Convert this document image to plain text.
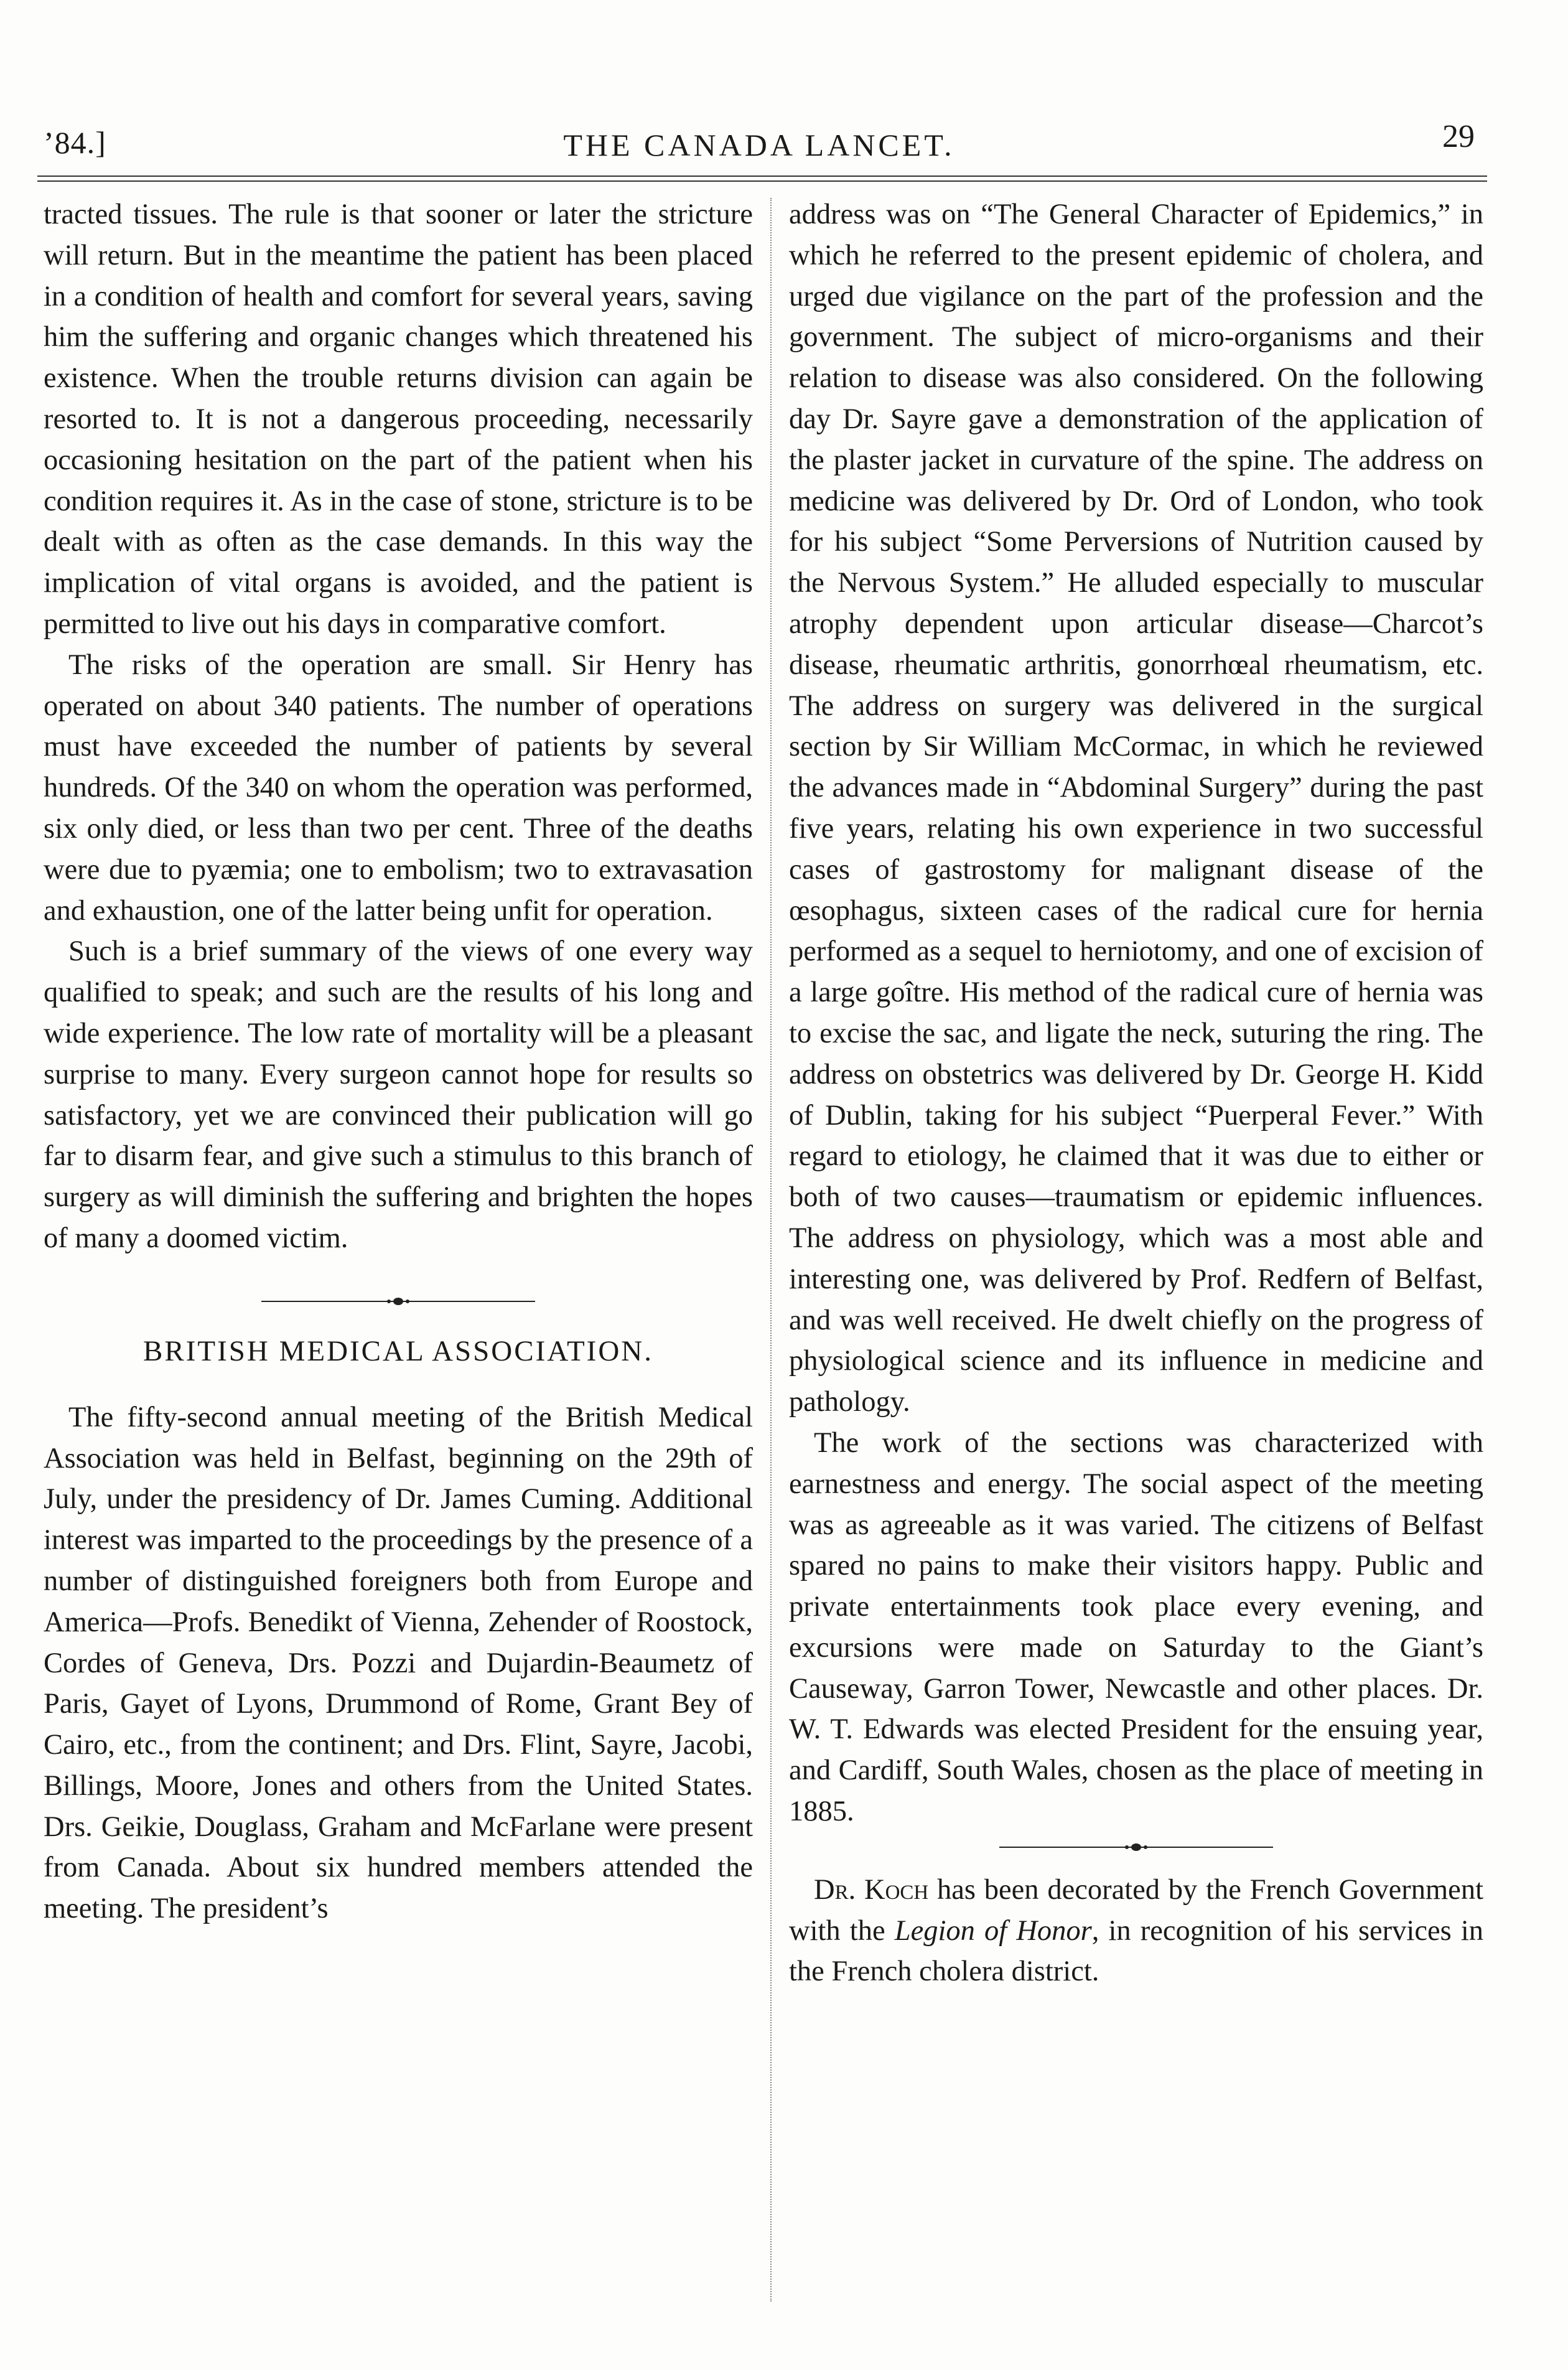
’84.]	THE CANADA LANCET.	29

tracted tissues. The rule is that sooner or later the stricture will return. But in the meantime the patient has been placed in a condition of health and comfort for several years, saving him the suffering and organic changes which threatened his existence. When the trouble returns division can again be resorted to. It is not a dangerous proceeding, necessarily occasioning hesitation on the part of the patient when his condition requires it. As in the case of stone, stricture is to be dealt with as often as the case demands. In this way the implication of vital organs is avoided, and the patient is permitted to live out his days in comparative comfort.

The risks of the operation are small. Sir Henry has operated on about 340 patients. The number of operations must have exceeded the number of patients by several hundreds. Of the 340 on whom the operation was performed, six only died, or less than two per cent. Three of the deaths were due to pyæmia; one to embolism; two to extravasation and exhaustion, one of the latter being unfit for operation.

Such is a brief summary of the views of one every way qualified to speak; and such are the results of his long and wide experience. The low rate of mortality will be a pleasant surprise to many. Every surgeon cannot hope for results so satisfactory, yet we are convinced their publication will go far to disarm fear, and give such a stimulus to this branch of surgery as will diminish the suffering and brighten the hopes of many a doomed victim.

BRITISH MEDICAL ASSOCIATION.

The fifty-second annual meeting of the British Medical Association was held in Belfast, beginning on the 29th of July, under the presidency of Dr. James Cuming. Additional interest was imparted to the proceedings by the presence of a number of distinguished foreigners both from Europe and America—Profs. Benedikt of Vienna, Zehender of Roostock, Cordes of Geneva, Drs. Pozzi and Dujardin-Beaumetz of Paris, Gayet of Lyons, Drummond of Rome, Grant Bey of Cairo, etc., from the continent; and Drs. Flint, Sayre, Jacobi, Billings, Moore, Jones and others from the United States. Drs. Geikie, Douglass, Graham and McFarlane were present from Canada. About six hundred members attended the meeting. The president’s

address was on “The General Character of Epidemics,” in which he referred to the present epidemic of cholera, and urged due vigilance on the part of the profession and the government. The subject of micro-organisms and their relation to disease was also considered. On the following day Dr. Sayre gave a demonstration of the application of the plaster jacket in curvature of the spine. The address on medicine was delivered by Dr. Ord of London, who took for his subject “Some Perversions of Nutrition caused by the Nervous System.” He alluded especially to muscular atrophy dependent upon articular disease—Charcot’s disease, rheumatic arthritis, gonorrhœal rheumatism, etc. The address on surgery was delivered in the surgical section by Sir William McCormac, in which he reviewed the advances made in “Abdominal Surgery” during the past five years, relating his own experience in two successful cases of gastrostomy for malignant disease of the œsophagus, sixteen cases of the radical cure for hernia performed as a sequel to herniotomy, and one of excision of a large goître. His method of the radical cure of hernia was to excise the sac, and ligate the neck, suturing the ring. The address on obstetrics was delivered by Dr. George H. Kidd of Dublin, taking for his subject “Puerperal Fever.” With regard to etiology, he claimed that it was due to either or both of two causes—traumatism or epidemic influences. The address on physiology, which was a most able and interesting one, was delivered by Prof. Redfern of Belfast, and was well received. He dwelt chiefly on the progress of physiological science and its influence in medicine and pathology.

The work of the sections was characterized with earnestness and energy. The social aspect of the meeting was as agreeable as it was varied. The citizens of Belfast spared no pains to make their visitors happy. Public and private entertainments took place every evening, and excursions were made on Saturday to the Giant’s Causeway, Garron Tower, Newcastle and other places. Dr. W. T. Edwards was elected President for the ensuing year, and Cardiff, South Wales, chosen as the place of meeting in 1885.

Dr. Koch has been decorated by the French Government with the Legion of Honor, in recognition of his services in the French cholera district.
